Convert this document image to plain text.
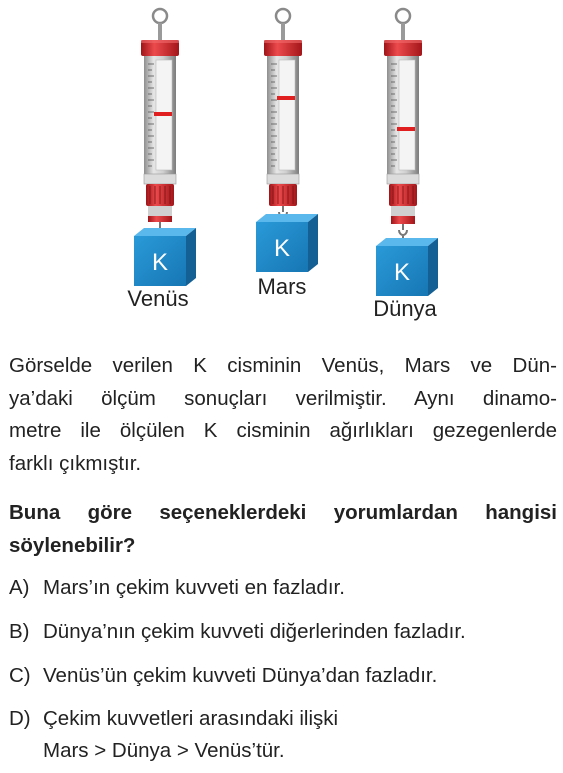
K
K
K
Venüs	Mars
Dünya
Görselde verilen K cisminin Venüs, Mars ve Dün-
ya’daki ölçüm sonuçları verilmiştir. Aynı dinamo-
metre ile ölçülen K cisminin ağırlıkları gezegenlerde
farklı çıkmıştır.
Buna göre seçeneklerdeki yorumlardan hangisi
söylenebilir?
A) Mars’ın çekim kuvveti en fazladır.
B) Dünya’nın çekim kuvveti diğerlerinden fazladır.
C) Venüs’ün çekim kuvveti Dünya’dan fazladır.
D) Çekim kuvvetleri arasındaki ilişki
Mars > Dünya > Venüs’tür.
